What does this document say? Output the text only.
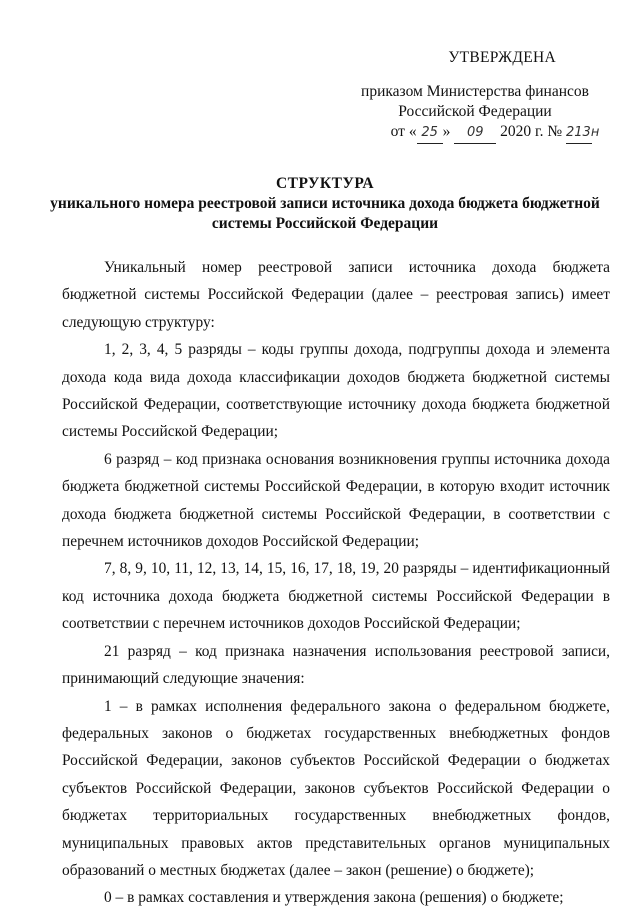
УТВЕРЖДЕНА
приказом Министерства финансов
Российской Федерации
от « 25 » 09 2020 г. № 213н
СТРУКТУРА
уникального номера реестровой записи источника дохода бюджета бюджетной
системы Российской Федерации

Уникальный номер реестровой записи источника дохода бюджета бюджетной системы Российской Федерации (далее – реестровая запись) имеет следующую структуру:

1, 2, 3, 4, 5 разряды – коды группы дохода, подгруппы дохода и элемента дохода кода вида дохода классификации доходов бюджета бюджетной системы Российской Федерации, соответствующие источнику дохода бюджета бюджетной системы Российской Федерации;

6 разряд – код признака основания возникновения группы источника дохода бюджета бюджетной системы Российской Федерации, в которую входит источник дохода бюджета бюджетной системы Российской Федерации, в соответствии с перечнем источников доходов Российской Федерации;

7, 8, 9, 10, 11, 12, 13, 14, 15, 16, 17, 18, 19, 20 разряды – идентификационный код источника дохода бюджета бюджетной системы Российской Федерации в соответствии с перечнем источников доходов Российской Федерации;

21 разряд – код признака назначения использования реестровой записи, принимающий следующие значения:

1 – в рамках исполнения федерального закона о федеральном бюджете, федеральных законов о бюджетах государственных внебюджетных фондов Российской Федерации, законов субъектов Российской Федерации о бюджетах субъектов Российской Федерации, законов субъектов Российской Федерации о бюджетах территориальных государственных внебюджетных фондов, муниципальных правовых актов представительных органов муниципальных образований о местных бюджетах (далее – закон (решение) о бюджете);

0 – в рамках составления и утверждения закона (решения) о бюджете;
